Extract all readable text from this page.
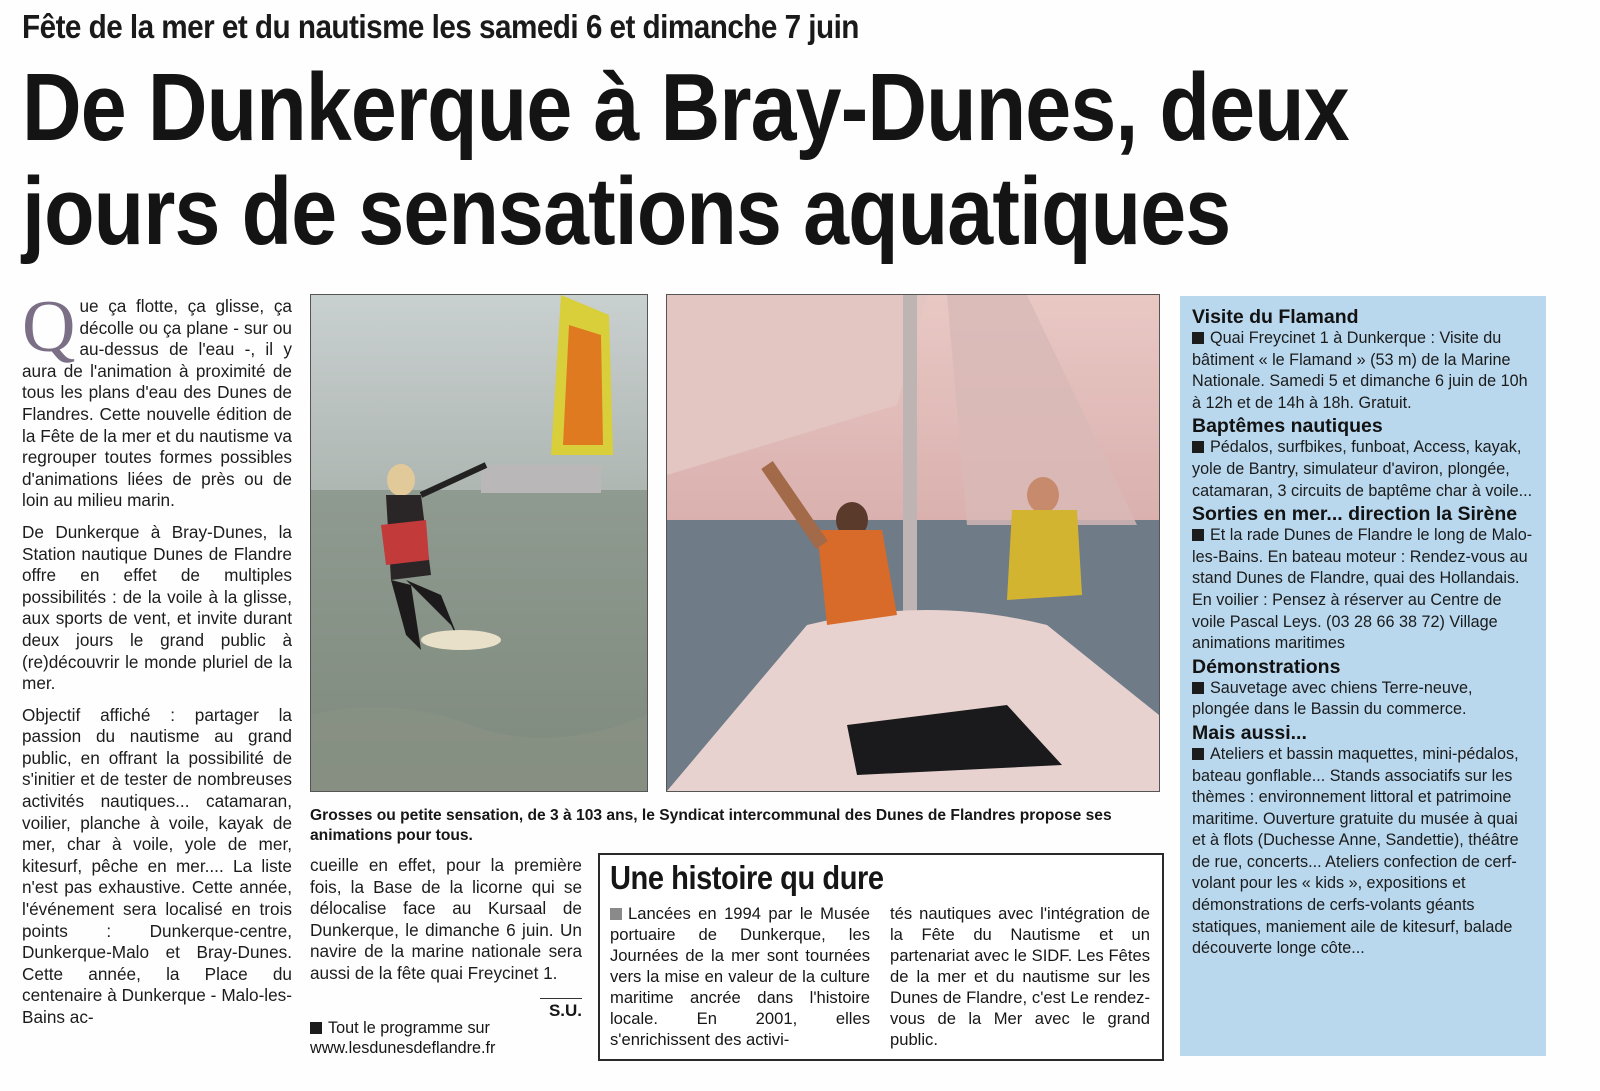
Fête de la mer et du nautisme les samedi 6 et dimanche 7 juin
De Dunkerque à Bray-Dunes, deux
jours de sensations aquatiques

Que ça flotte, ça glisse, ça décolle ou ça plane - sur ou au-dessus de l'eau -, il y aura de l'animation à proximité de tous les plans d'eau des Dunes de Flandres. Cette nouvelle édition de la Fête de la mer et du nautisme va regrouper toutes formes possibles d'animations liées de près ou de loin au milieu marin.

De Dunkerque à Bray-Dunes, la Station nautique Dunes de Flandre offre en effet de multiples possibilités : de la voile à la glisse, aux sports de vent, et invite durant deux jours le grand public à (re)découvrir le monde pluriel de la mer.

Objectif affiché : partager la passion du nautisme au grand public, en offrant la possibilité de s'initier et de tester de nombreuses activités nautiques... catamaran, voilier, planche à voile, kayak de mer, char à voile, yole de mer, kitesurf, pêche en mer.... La liste n'est pas exhaustive. Cette année, l'événement sera localisé en trois points : Dunkerque-centre, Dunkerque-Malo et Bray-Dunes. Cette année, la Place du centenaire à Dunkerque - Malo-les-Bains ac-

Grosses ou petite sensation, de 3 à 103 ans, le Syndicat intercommunal des Dunes de Flandres propose ses animations pour tous.

cueille en effet, pour la première fois, la Base de la licorne qui se délocalise face au Kursaal de Dunkerque, le dimanche 6 juin. Un navire de la marine nationale sera aussi de la fête quai Freycinet 1.

S.U.
Tout le programme sur
www.lesdunesdeflandre.fr
Une histoire qu dure
Lancées en 1994 par le Musée portuaire de Dunkerque, les Journées de la mer sont tournées vers la mise en valeur de la culture maritime ancrée dans l'histoire locale. En 2001, elles s'enrichissent des activi-
tés nautiques avec l'intégration de la Fête du Nautisme et un partenariat avec le SIDF. Les Fêtes de la mer et du nautisme sur les Dunes de Flandre, c'est Le rendez-vous de la Mer avec le grand public.
Visite du Flamand

Quai Freycinet 1 à Dunkerque : Visite du bâtiment « le Flamand » (53 m) de la Marine Nationale. Samedi 5 et dimanche 6 juin de 10h à 12h et de 14h à 18h. Gratuit.

Baptêmes nautiques

Pédalos, surfbikes, funboat, Access, kayak, yole de Bantry, simulateur d'aviron, plongée, catamaran, 3 circuits de baptême char à voile...

Sorties en mer... direction la Sirène

Et la rade Dunes de Flandre le long de Malo-les-Bains. En bateau moteur : Rendez-vous au stand Dunes de Flandre, quai des Hollandais. En voilier : Pensez à réserver au Centre de voile Pascal Leys. (03 28 66 38 72) Village animations maritimes

Démonstrations

Sauvetage avec chiens Terre-neuve, plongée dans le Bassin du commerce.

Mais aussi...

Ateliers et bassin maquettes, mini-pédalos, bateau gonflable... Stands associatifs sur les thèmes : environnement littoral et patrimoine maritime. Ouverture gratuite du musée à quai et à flots (Duchesse Anne, Sandettie), théâtre de rue, concerts... Ateliers confection de cerf-volant pour les « kids », expositions et démonstrations de cerfs-volants géants statiques, maniement aile de kitesurf, balade découverte longe côte...
